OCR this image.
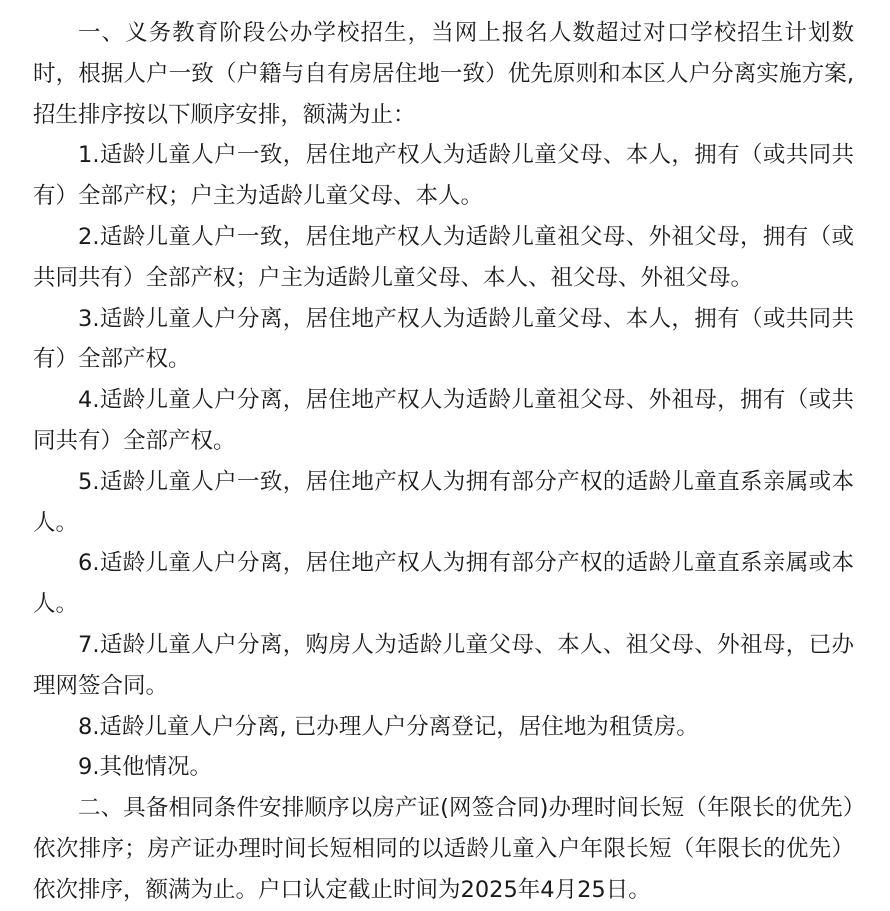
一、义务教育阶段公办学校招生，当网上报名人数超过对口学校招生计划数时，根据人户一致（户籍与自有房居住地一致）优先原则和本区人户分离实施方案,招生排序按以下顺序安排，额满为止：

1.适龄儿童人户一致，居住地产权人为适龄儿童父母、本人，拥有（或共同共有）全部产权；户主为适龄儿童父母、本人。

2.适龄儿童人户一致，居住地产权人为适龄儿童祖父母、外祖父母，拥有（或共同共有）全部产权；户主为适龄儿童父母、本人、祖父母、外祖父母。

3.适龄儿童人户分离，居住地产权人为适龄儿童父母、本人，拥有（或共同共有）全部产权。

4.适龄儿童人户分离，居住地产权人为适龄儿童祖父母、外祖母，拥有（或共同共有）全部产权。

5.适龄儿童人户一致，居住地产权人为拥有部分产权的适龄儿童直系亲属或本人。

6.适龄儿童人户分离，居住地产权人为拥有部分产权的适龄儿童直系亲属或本人。

7.适龄儿童人户分离，购房人为适龄儿童父母、本人、祖父母、外祖母，已办理网签合同。

8.适龄儿童人户分离, 已办理人户分离登记，居住地为租赁房。

9.其他情况。

二、具备相同条件安排顺序以房产证(网签合同)办理时间长短（年限长的优先）依次排序；房产证办理时间长短相同的以适龄儿童入户年限长短（年限长的优先）依次排序，额满为止。户口认定截止时间为2025年4月25日。
